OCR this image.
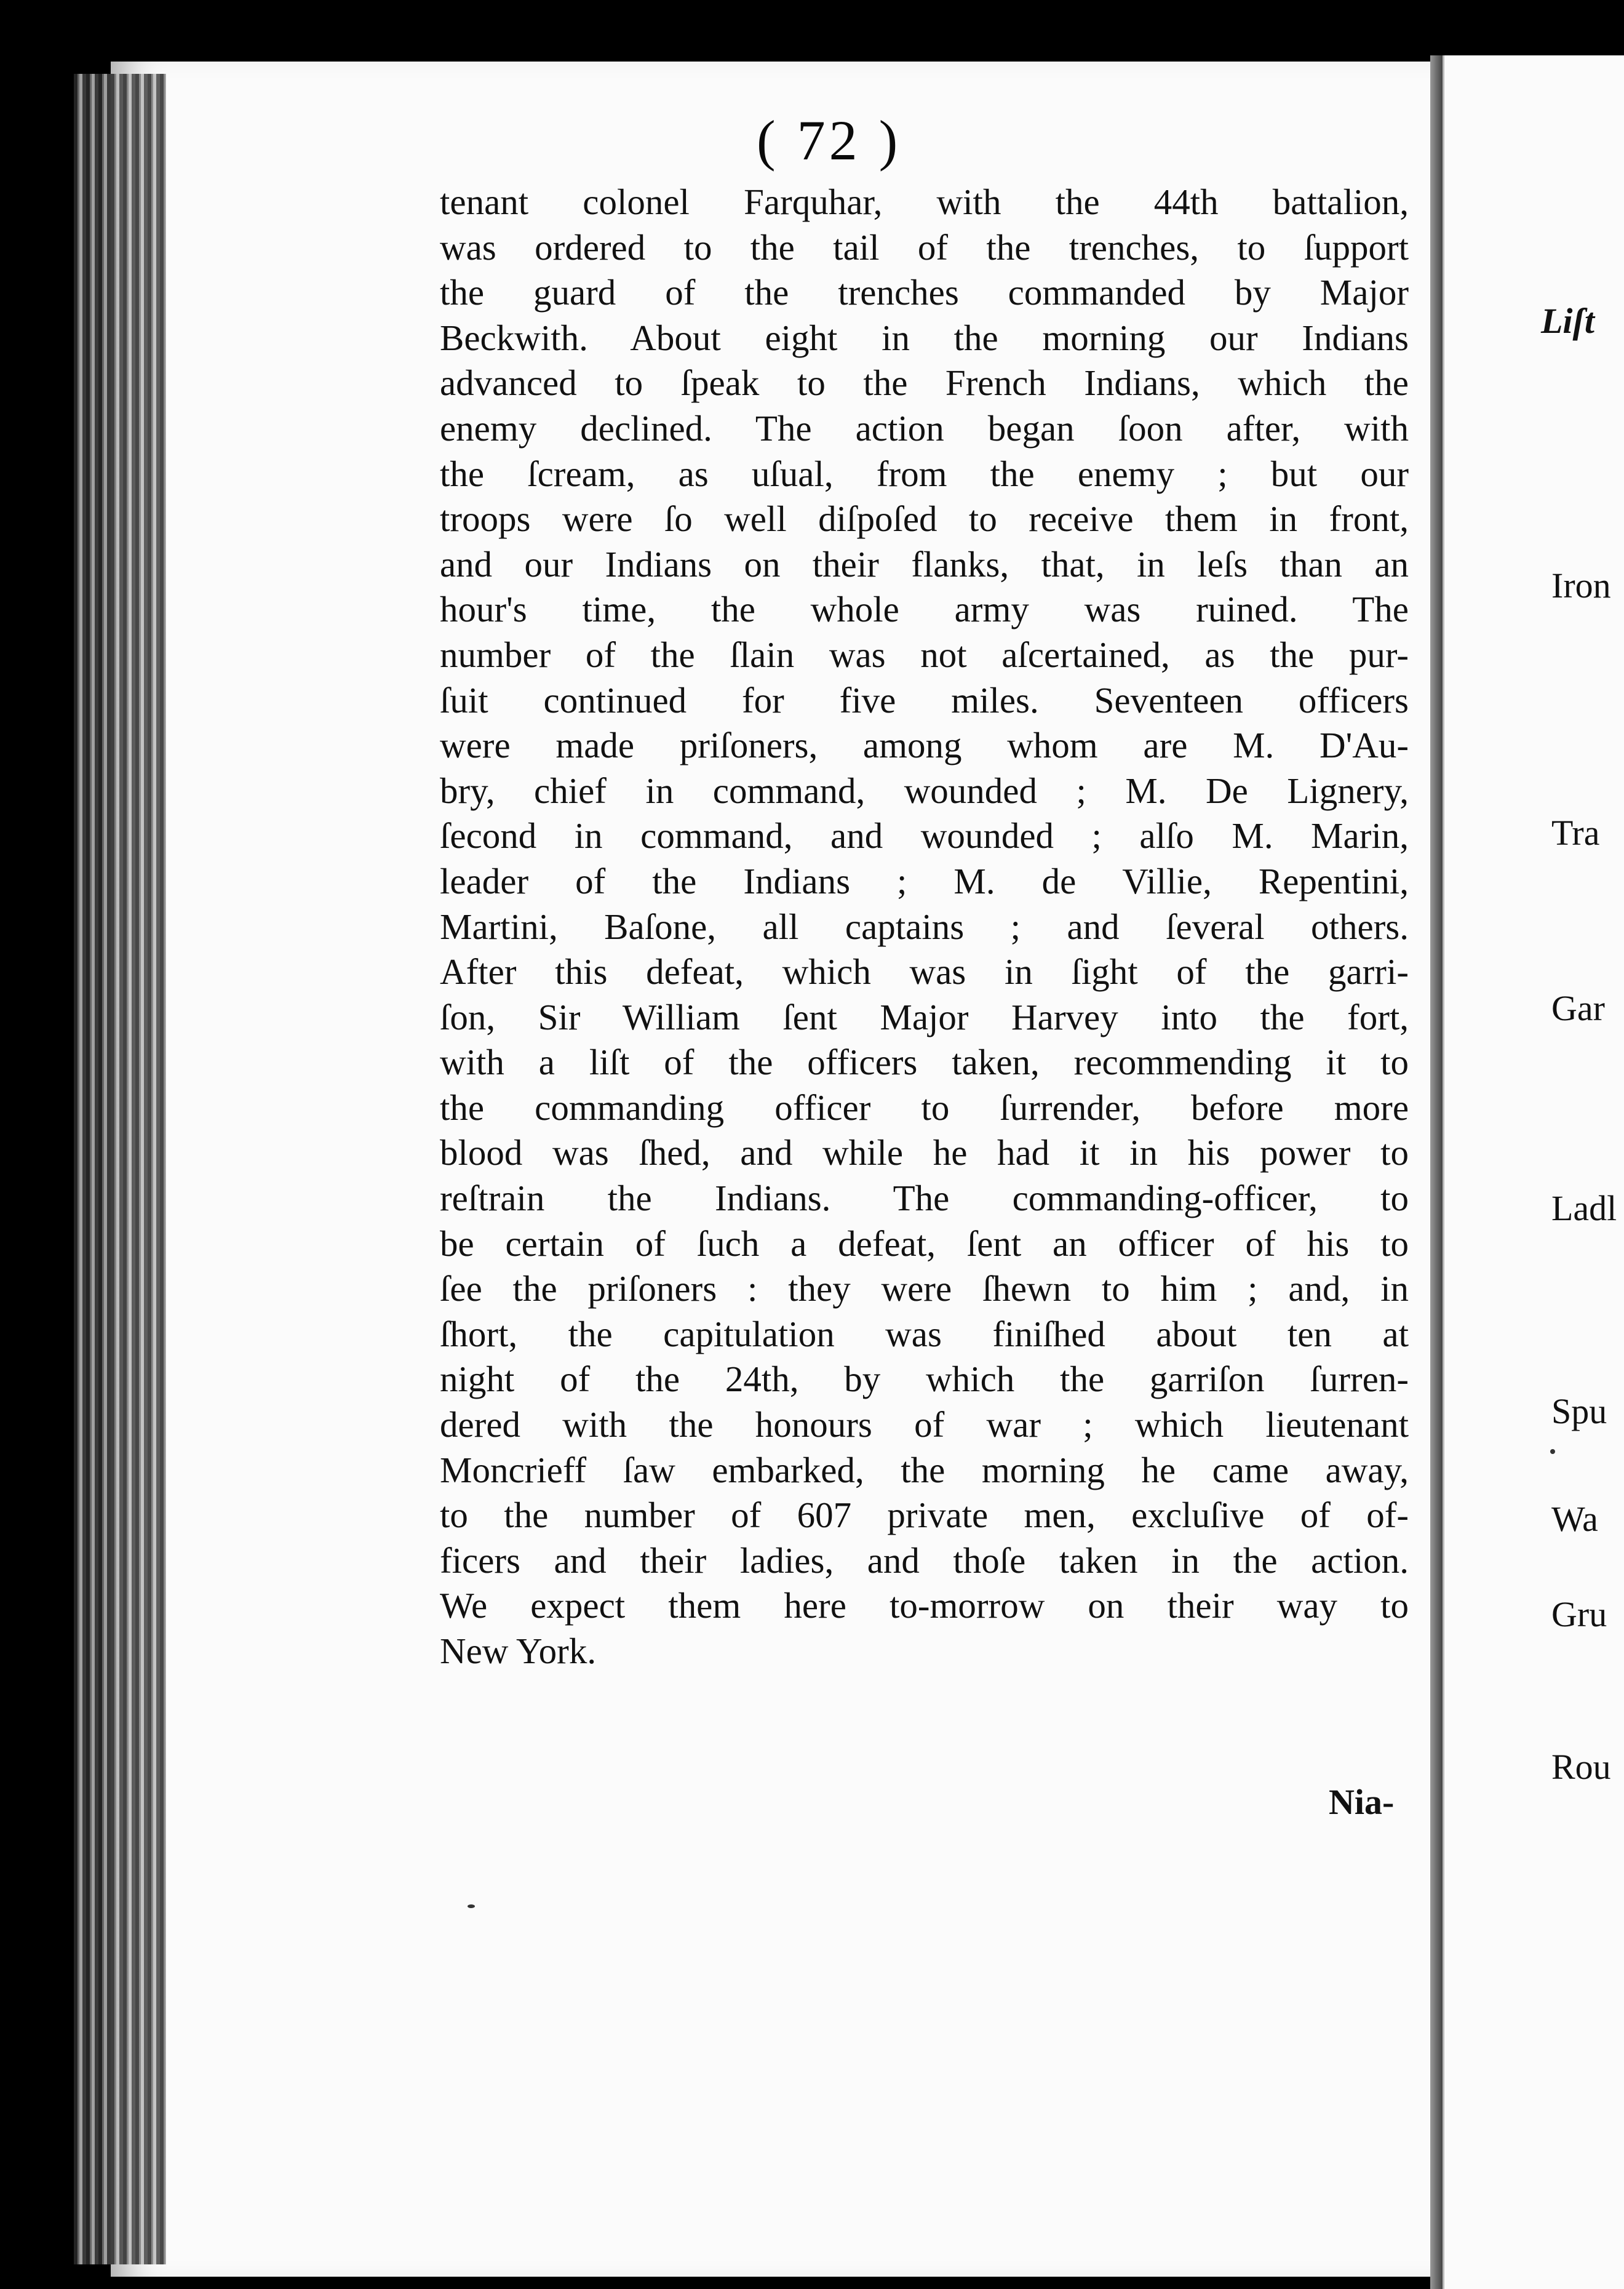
( 72 )
tenant colonel Farquhar, with the 44th battalion,
was ordered to the tail of the trenches, to ſupport
the guard of the trenches commanded by Major
Beckwith. About eight in the morning our Indians
advanced to ſpeak to the French Indians, which the
enemy declined. The action began ſoon after, with
the ſcream, as uſual, from the enemy ; but our
troops were ſo well diſpoſed to receive them in front,
and our Indians on their flanks, that, in leſs than an
hour's time, the whole army was ruined. The
number of the ſlain was not aſcertained, as the pur-
ſuit continued for five miles. Seventeen officers
were made priſoners, among whom are M. D'Au-
bry, chief in command, wounded ; M. De Lignery,
ſecond in command, and wounded ; alſo M. Marin,
leader of the Indians ; M. de Villie, Repentini,
Martini, Baſone, all captains ; and ſeveral others.
After this defeat, which was in ſight of the garri-
ſon, Sir William ſent Major Harvey into the fort,
with a liſt of the officers taken, recommending it to
the commanding officer to ſurrender, before more
blood was ſhed, and while he had it in his power to
reſtrain the Indians. The commanding-officer, to
be certain of ſuch a defeat, ſent an officer of his to
ſee the priſoners : they were ſhewn to him ; and, in
ſhort, the capitulation was finiſhed about ten at
night of the 24th, by which the garriſon ſurren-
dered with the honours of war ; which lieutenant
Moncrieff ſaw embarked, the morning he came away,
to the number of 607 private men, excluſive of of-
ficers and their ladies, and thoſe taken in the action.
We expect them here to-morrow on their way to
New York.
Nia-
Liſt
Iron
Tra
Gar
Ladl
Spu
Wa
Gru
Rou
